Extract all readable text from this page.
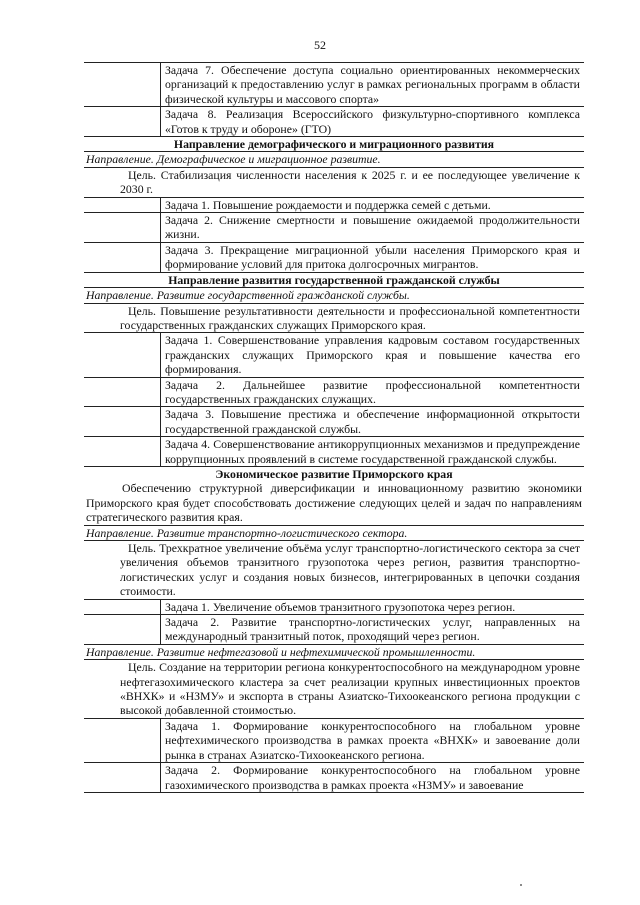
52
Задача 7. Обеспечение доступа социально ориентированных некоммерческих организаций к предоставлению услуг в рамках региональных программ в области физической культуры и массового спорта»
Задача 8. Реализация Всероссийского физкультурно-спортивного комплекса «Готов к труду и обороне» (ГТО)
Направление демографического и миграционного развития
Направление. Демографическое и миграционное развитие.
Цель. Стабилизация численности населения к 2025 г. и ее последующее увеличение к 2030 г.
Задача 1. Повышение рождаемости и поддержка семей с детьми.
Задача 2. Снижение смертности и повышение ожидаемой продолжительности жизни.
Задача 3. Прекращение миграционной убыли населения Приморского края и формирование условий для притока долгосрочных мигрантов.
Направление развития государственной гражданской службы
Направление. Развитие государственной гражданской службы.
Цель. Повышение результативности деятельности и профессиональной компетентности государственных гражданских служащих Приморского края.
Задача 1. Совершенствование управления кадровым составом государственных гражданских служащих Приморского края и повышение качества его формирования.
Задача 2. Дальнейшее развитие профессиональной компетентности государственных гражданских служащих.
Задача 3. Повышение престижа и обеспечение информационной открытости государственной гражданской службы.
Задача 4. Совершенствование антикоррупционных механизмов и предупреждение коррупционных проявлений в системе государственной гражданской службы.
Экономическое развитие Приморского края
Обеспечению структурной диверсификации и инновационному развитию экономики Приморского края будет способствовать достижение следующих целей и задач по направлениям стратегического развития края.
Направление. Развитие транспортно-логистического сектора.
Цель. Трехкратное увеличение объёма услуг транспортно-логистического сектора за счет увеличения объемов транзитного грузопотока через регион, развития транспортно-логистических услуг и создания новых бизнесов, интегрированных в цепочки создания стоимости.
Задача 1. Увеличение объемов транзитного грузопотока через регион.
Задача 2. Развитие транспортно-логистических услуг, направленных на международный транзитный поток, проходящий через регион.
Направление. Развитие нефтегазовой и нефтехимической промышленности.
Цель. Создание на территории региона конкурентоспособного на международном уровне нефтегазохимического кластера за счет реализации крупных инвестиционных проектов «ВНХК» и «НЗМУ» и экспорта в страны Азиатско-Тихоокеанского региона продукции с высокой добавленной стоимостью.
Задача 1. Формирование конкурентоспособного на глобальном уровне нефтехимического производства в рамках проекта «ВНХК» и завоевание доли рынка в странах Азиатско-Тихоокеанского региона.
Задача 2. Формирование конкурентоспособного на глобальном уровне газохимического производства в рамках проекта «НЗМУ» и завоевание
